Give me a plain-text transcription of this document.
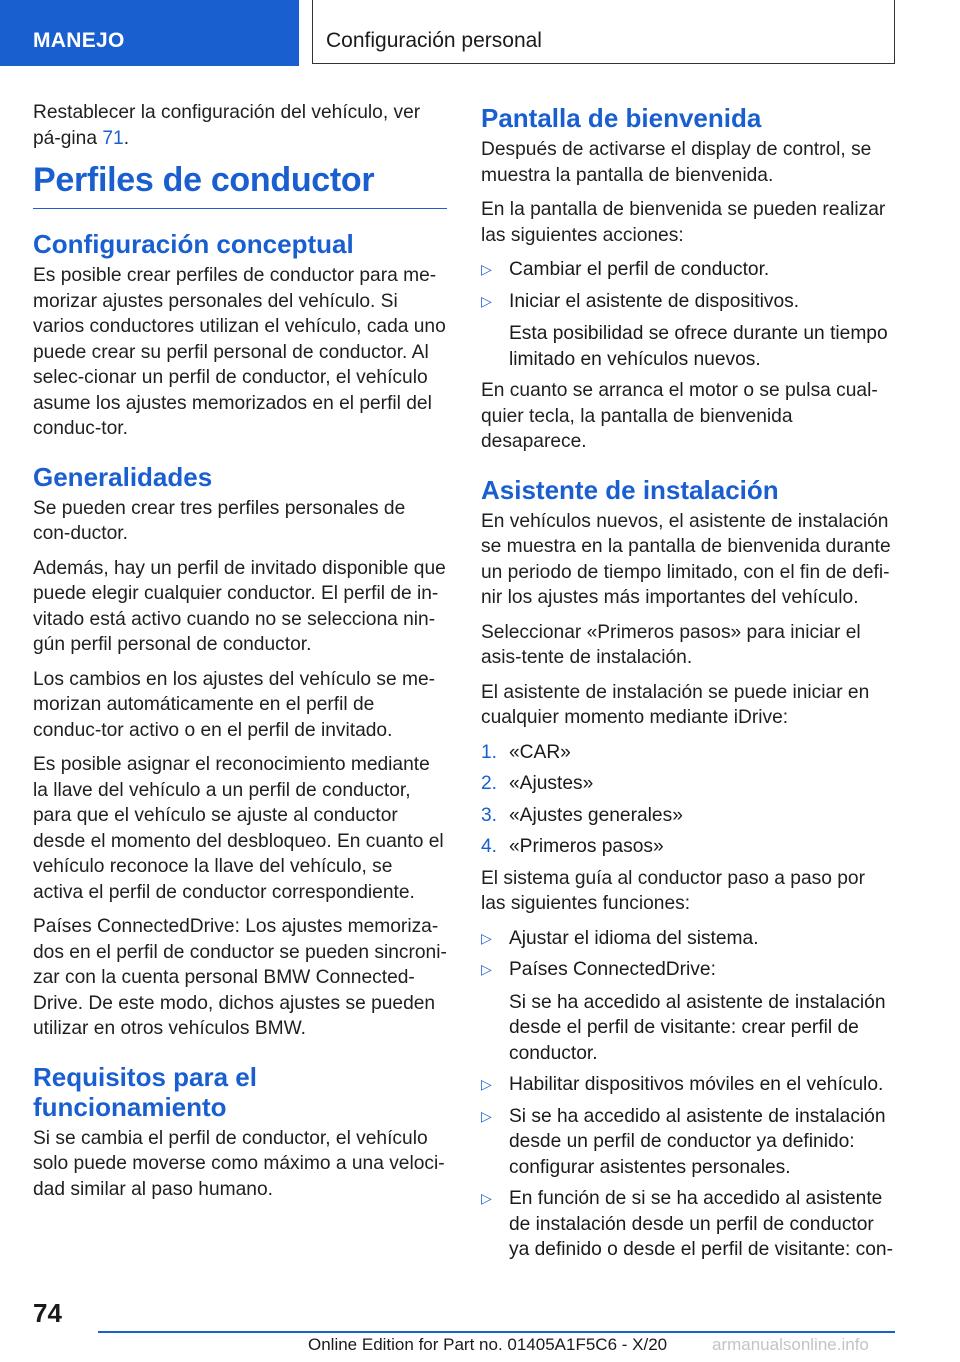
MANEJO	Configuración personal

Restablecer la configuración del vehículo, ver pá-gina 71.

Perfiles de conductor
Configuración conceptual

Es posible crear perfiles de conductor para me-morizar ajustes personales del vehículo. Si varios conductores utilizan el vehículo, cada uno puede crear su perfil personal de conductor. Al selec-cionar un perfil de conductor, el vehículo asume los ajustes memorizados en el perfil del conduc-tor.

Generalidades

Se pueden crear tres perfiles personales de con-ductor.

Además, hay un perfil de invitado disponible que puede elegir cualquier conductor. El perfil de in-vitado está activo cuando no se selecciona nin-gún perfil personal de conductor.

Los cambios en los ajustes del vehículo se me-morizan automáticamente en el perfil de conduc-tor activo o en el perfil de invitado.

Es posible asignar el reconocimiento mediante la llave del vehículo a un perfil de conductor, para que el vehículo se ajuste al conductor desde el momento del desbloqueo. En cuanto el vehículo reconoce la llave del vehículo, se activa el perfil de conductor correspondiente.

Países ConnectedDrive: Los ajustes memoriza-dos en el perfil de conductor se pueden sincroni-zar con la cuenta personal BMW Connected-Drive. De este modo, dichos ajustes se pueden utilizar en otros vehículos BMW.

Requisitos para el funcionamiento

Si se cambia el perfil de conductor, el vehículo solo puede moverse como máximo a una veloci-dad similar al paso humano.

Pantalla de bienvenida

Después de activarse el display de control, se muestra la pantalla de bienvenida.

En la pantalla de bienvenida se pueden realizar las siguientes acciones:

▷ Cambiar el perfil de conductor.
▷ Iniciar el asistente de dispositivos.
Esta posibilidad se ofrece durante un tiempo limitado en vehículos nuevos.

En cuanto se arranca el motor o se pulsa cual-quier tecla, la pantalla de bienvenida desaparece.

Asistente de instalación

En vehículos nuevos, el asistente de instalación se muestra en la pantalla de bienvenida durante un periodo de tiempo limitado, con el fin de defi-nir los ajustes más importantes del vehículo.

Seleccionar «Primeros pasos» para iniciar el asis-tente de instalación.

El asistente de instalación se puede iniciar en cualquier momento mediante iDrive:

1. «CAR»
2. «Ajustes»
3. «Ajustes generales»
4. «Primeros pasos»

El sistema guía al conductor paso a paso por las siguientes funciones:

▷ Ajustar el idioma del sistema.
▷ Países ConnectedDrive:
Si se ha accedido al asistente de instalación desde el perfil de visitante: crear perfil de conductor.
▷ Habilitar dispositivos móviles en el vehículo.
▷ Si se ha accedido al asistente de instalación desde un perfil de conductor ya definido: configurar asistentes personales.
▷ En función de si se ha accedido al asistente de instalación desde un perfil de conductor ya definido o desde el perfil de visitante: con-
74
Online Edition for Part no. 01405A1F5C6 - X/20	armanualsonline.info
